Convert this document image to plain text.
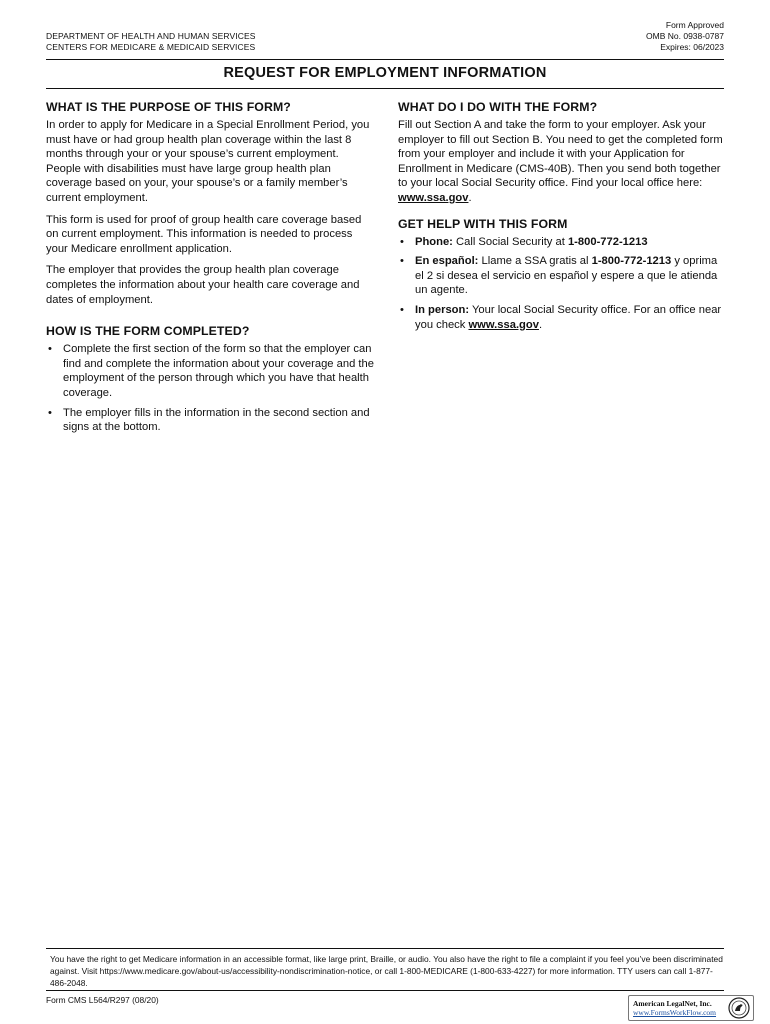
DEPARTMENT OF HEALTH AND HUMAN SERVICES
CENTERS FOR MEDICARE & MEDICAID SERVICES
Form Approved
OMB No. 0938-0787
Expires: 06/2023
REQUEST FOR EMPLOYMENT INFORMATION
WHAT IS THE PURPOSE OF THIS FORM?

In order to apply for Medicare in a Special Enrollment Period, you must have or had group health plan coverage within the last 8 months through your or your spouse’s current employment. People with disabilities must have large group health plan coverage based on your, your spouse’s or a family member’s current employment.

This form is used for proof of group health care coverage based on current employment. This information is needed to process your Medicare enrollment application.

The employer that provides the group health plan coverage completes the information about your health care coverage and dates of employment.

HOW IS THE FORM COMPLETED?
• Complete the first section of the form so that the employer can find and complete the information about your coverage and the employment of the person through which you have that health coverage.
• The employer fills in the information in the second section and signs at the bottom.
WHAT DO I DO WITH THE FORM?

Fill out Section A and take the form to your employer. Ask your employer to fill out Section B. You need to get the completed form from your employer and include it with your Application for Enrollment in Medicare (CMS-40B). Then you send both together to your local Social Security office. Find your local office here: www.ssa.gov.

GET HELP WITH THIS FORM
• Phone: Call Social Security at 1-800-772-1213
• En español: Llame a SSA gratis al 1-800-772-1213 y oprima el 2 si desea el servicio en español y espere a que le atienda un agente.
• In person: Your local Social Security office. For an office near you check www.ssa.gov.
You have the right to get Medicare information in an accessible format, like large print, Braille, or audio. You also have the right to file a complaint if you feel you’ve been discriminated against. Visit https://www.medicare.gov/about-us/accessibility-nondiscrimination-notice, or call 1-800-MEDICARE (1-800-633-4227) for more information. TTY users can call 1-877-486-2048.
Form CMS L564/R297 (08/20)	American LegalNet, Inc.
www.FormsWorkFlow.com
